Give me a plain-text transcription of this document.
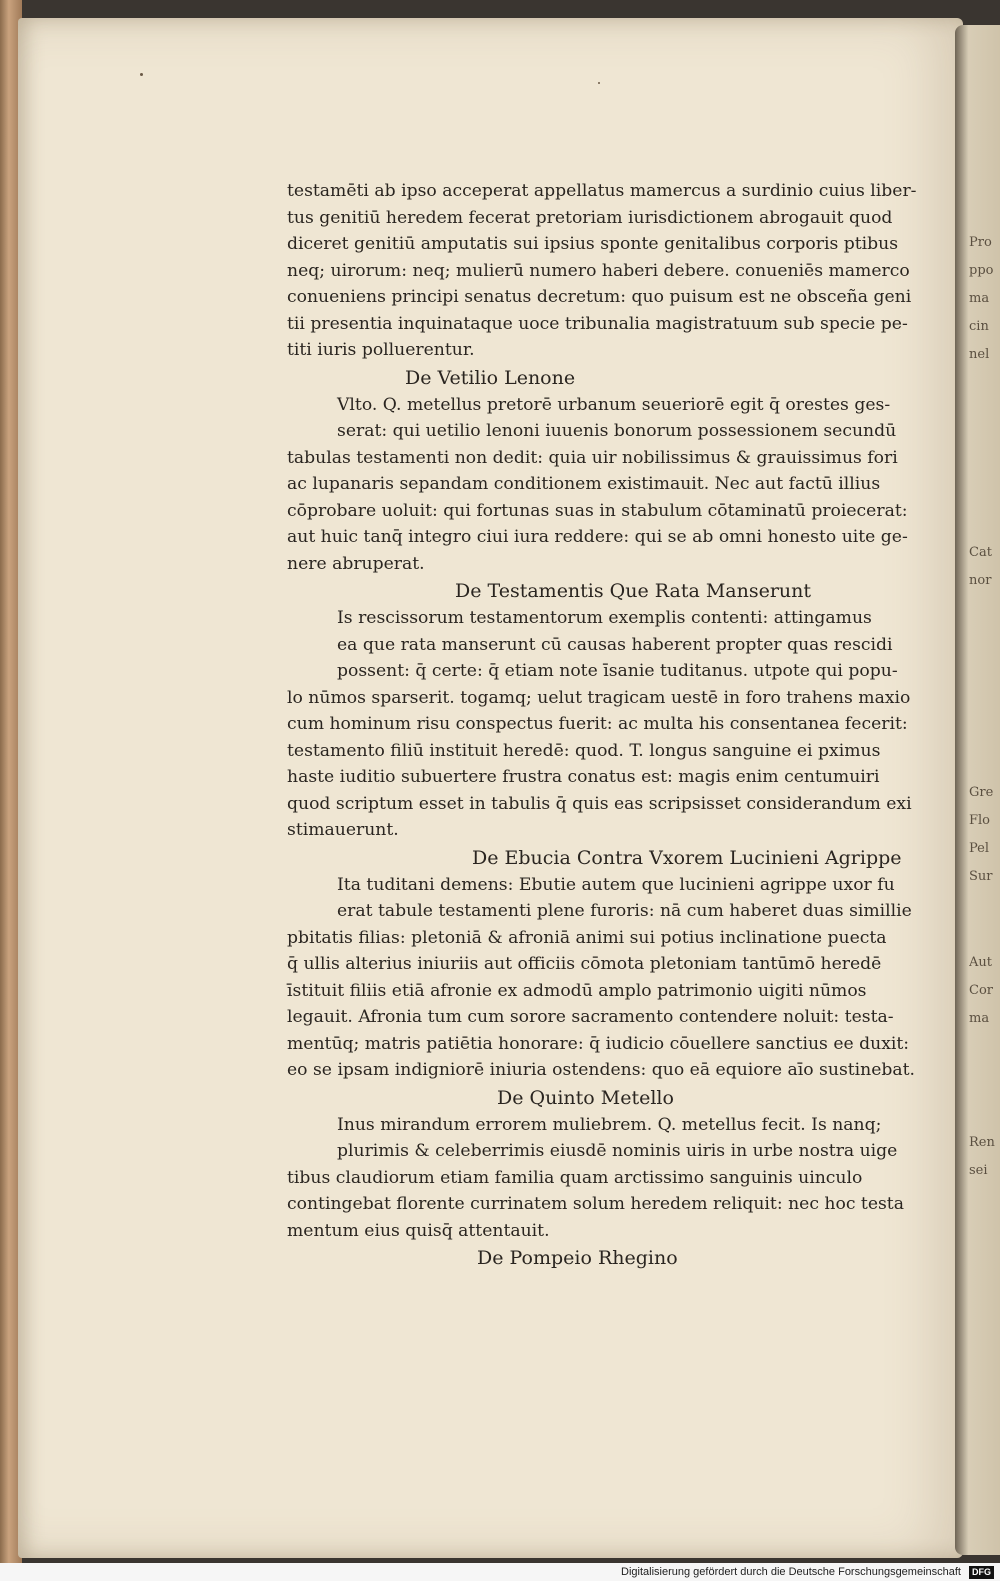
Pro
ppo
ma
cin
nel
Cat
nor
Gre
Flo
Pel
Sur
Aut
Cor
ma
Ren
sei
testamēti ab ipso acceperat appellatus mamercus a surdinio cuius liber-
tus genitiū heredem fecerat pretoriam iurisdictionem abrogauit quod
diceret genitiū amputatis sui ipsius sponte genitalibus corporis ptibus
neq; uirorum: neq; mulierū numero haberi debere. conueniēs mamerco
conueniens principi senatus decretum: quo puisum est ne obsceña geni
tii presentia inquinataque uoce tribunalia magistratuum sub specie pe-
titi iuris polluerentur.
De Vetilio Lenone
Vlto. Q. metellus pretorē urbanum seueriorē egit q̄ orestes ges-
serat: qui uetilio lenoni iuuenis bonorum possessionem secundū
tabulas testamenti non dedit: quia uir nobilissimus & grauissimus fori
ac lupanaris sepandam conditionem existimauit. Nec aut factū illius
cōprobare uoluit: qui fortunas suas in stabulum cōtaminatū proiecerat:
aut huic tanq̄ integro ciui iura reddere: qui se ab omni honesto uite ge-
nere abruperat.
De Testamentis Que Rata Manserunt
Is rescissorum testamentorum exemplis contenti: attingamus
ea que rata manserunt cū causas haberent propter quas rescidi
possent: q̄ certe: q̄ etiam note īsanie tuditanus. utpote qui popu-
lo nūmos sparserit. togamq; uelut tragicam uestē in foro trahens maxio
cum hominum risu conspectus fuerit: ac multa his consentanea fecerit:
testamento filiū instituit heredē: quod. T. longus sanguine ei pximus
haste iuditio subuertere frustra conatus est: magis enim centumuiri
quod scriptum esset in tabulis q̄ quis eas scripsisset considerandum exi
stimauerunt.
De Ebucia Contra Vxorem Lucinieni Agrippe
Ita tuditani demens: Ebutie autem que lucinieni agrippe uxor fu
erat tabule testamenti plene furoris: nā cum haberet duas simillie
pbitatis filias: pletoniā & afroniā animi sui potius inclinatione puecta
q̄ ullis alterius iniuriis aut officiis cōmota pletoniam tantūmō heredē
īstituit filiis etiā afronie ex admodū amplo patrimonio uigiti nūmos
legauit. Afronia tum cum sorore sacramento contendere noluit: testa-
mentūq; matris patiētia honorare: q̄ iudicio cōuellere sanctius ee duxit:
eo se ipsam indigniorē iniuria ostendens: quo eā equiore aīo sustinebat.
De Quinto Metello
Inus mirandum errorem muliebrem. Q. metellus fecit. Is nanq;
plurimis & celeberrimis eiusdē nominis uiris in urbe nostra uige
tibus claudiorum etiam familia quam arctissimo sanguinis uinculo
contingebat florente currinatem solum heredem reliquit: nec hoc testa
mentum eius quisq̄ attentauit.
De Pompeio Rhegino
Digitalisierung gefördert durch die Deutsche Forschungsgemeinschaft DFG
